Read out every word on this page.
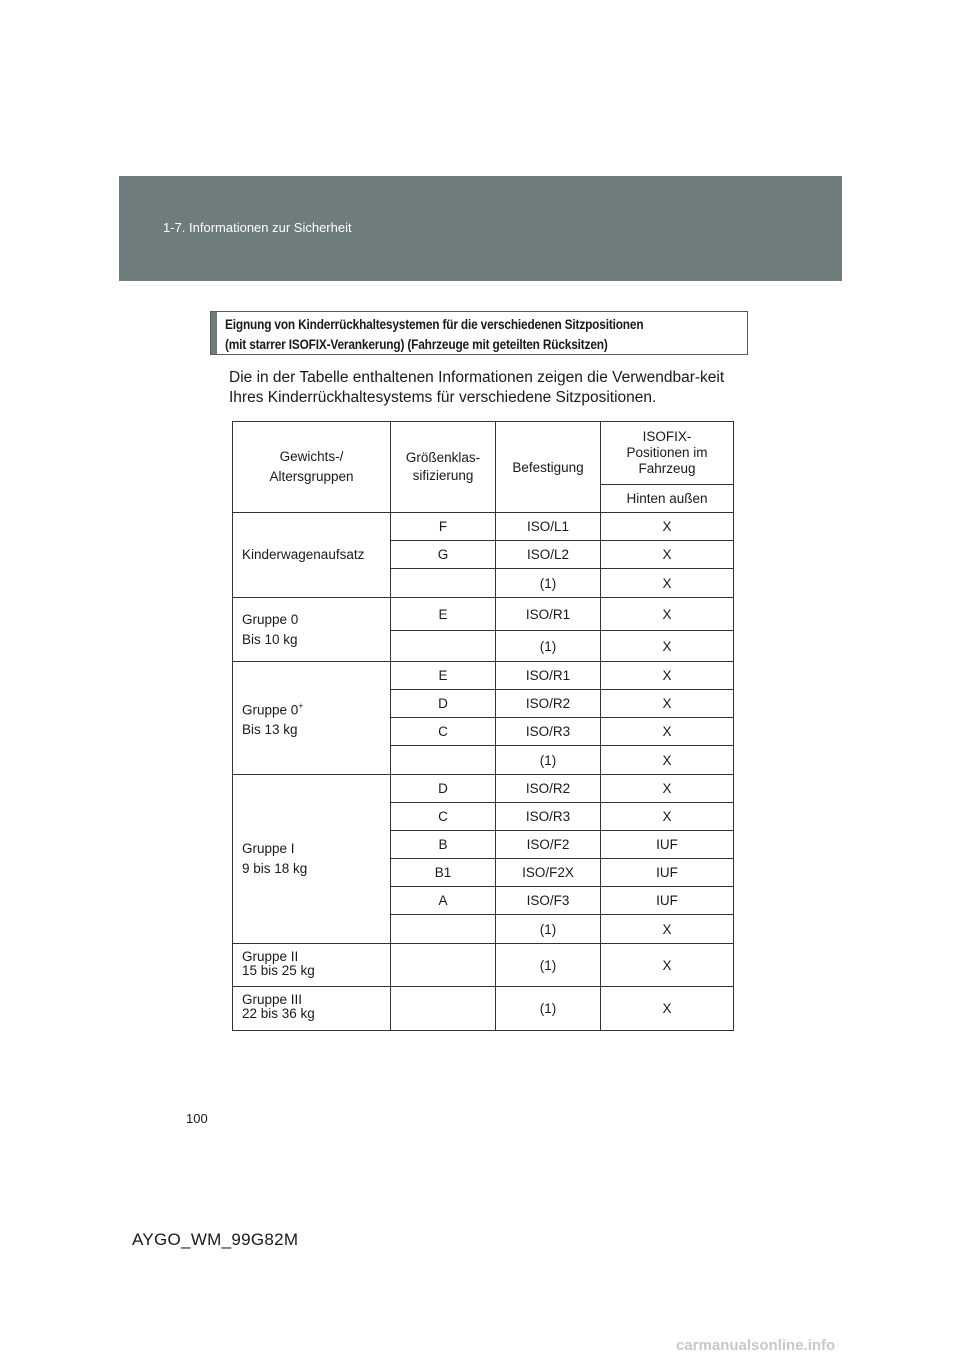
1-7. Informationen zur Sicherheit
Eignung von Kinderrückhaltesystemen für die verschiedenen Sitzpositionen
(mit starrer ISOFIX-Verankerung) (Fahrzeuge mit geteilten Rücksitzen)
Die in der Tabelle enthaltenen Informationen zeigen die Verwendbar-keit Ihres Kinderrückhaltesystems für verschiedene Sitzpositionen.
Gewichts-/ Altersgruppen	Größenklas-sifizierung	Befestigung	ISOFIX-Positionen im Fahrzeug
			Hinten außen
Kinderwagenaufsatz	F	ISO/L1	X
	G	ISO/L2	X
		(1)	X
Gruppe 0
Bis 10 kg	E	ISO/R1	X
		(1)	X
Gruppe 0+
Bis 13 kg	E	ISO/R1	X
	D	ISO/R2	X
	C	ISO/R3	X
		(1)	X
Gruppe I
9 bis 18 kg	D	ISO/R2	X
	C	ISO/R3	X
	B	ISO/F2	IUF
	B1	ISO/F2X	IUF
	A	ISO/F3	IUF
		(1)	X
Gruppe II
15 bis 25 kg		(1)	X
Gruppe III
22 bis 36 kg		(1)	X
100
AYGO_WM_99G82M
carmanualsonline.info
